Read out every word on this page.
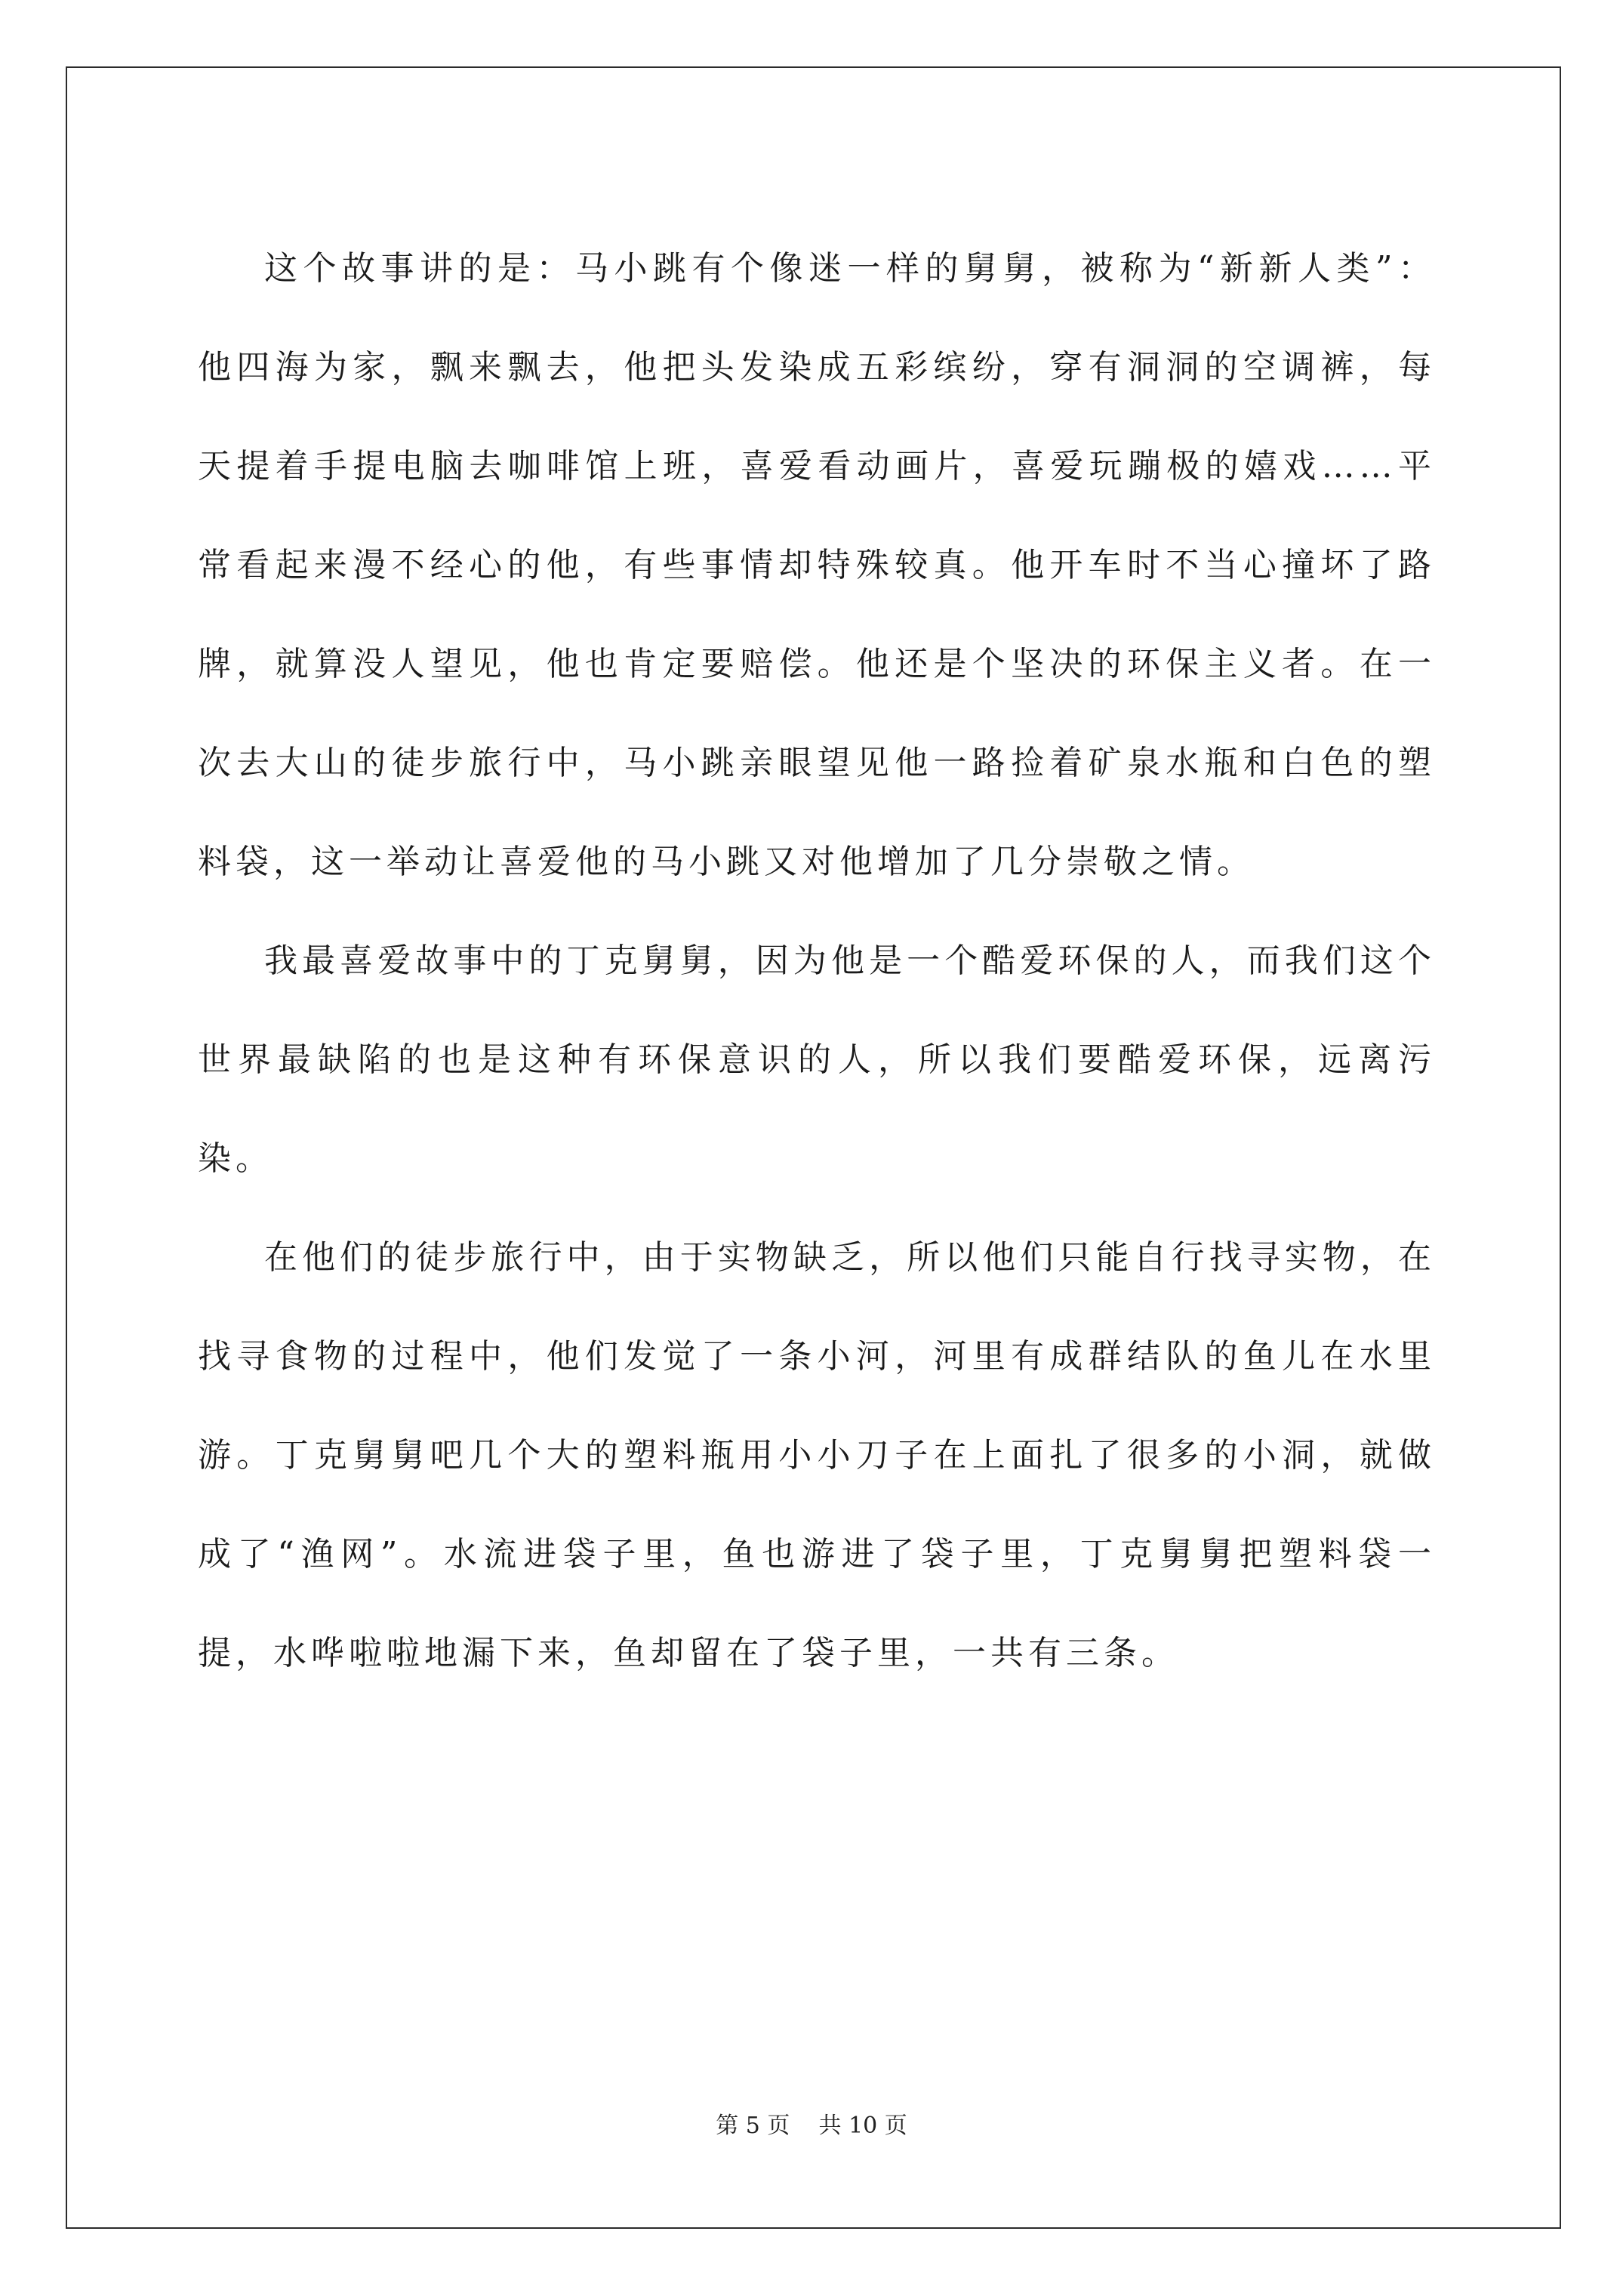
这个故事讲的是：马小跳有个像迷一样的舅舅，被称为“新新人类”：他四海为家，飘来飘去，他把头发染成五彩缤纷，穿有洞洞的空调裤，每天提着手提电脑去咖啡馆上班，喜爱看动画片，喜爱玩蹦极的嬉戏……平常看起来漫不经心的他，有些事情却特殊较真。他开车时不当心撞坏了路牌，就算没人望见，他也肯定要赔偿。他还是个坚决的环保主义者。在一次去大山的徒步旅行中，马小跳亲眼望见他一路捡着矿泉水瓶和白色的塑料袋，这一举动让喜爱他的马小跳又对他增加了几分崇敬之情。

我最喜爱故事中的丁克舅舅，因为他是一个酷爱环保的人，而我们这个世界最缺陷的也是这种有环保意识的人，所以我们要酷爱环保，远离污染。

在他们的徒步旅行中，由于实物缺乏，所以他们只能自行找寻实物，在找寻食物的过程中，他们发觉了一条小河，河里有成群结队的鱼儿在水里游。丁克舅舅吧几个大的塑料瓶用小小刀子在上面扎了很多的小洞，就做成了“渔网”。水流进袋子里，鱼也游进了袋子里，丁克舅舅把塑料袋一提，水哗啦啦地漏下来，鱼却留在了袋子里，一共有三条。

第 5 页 共 10 页
